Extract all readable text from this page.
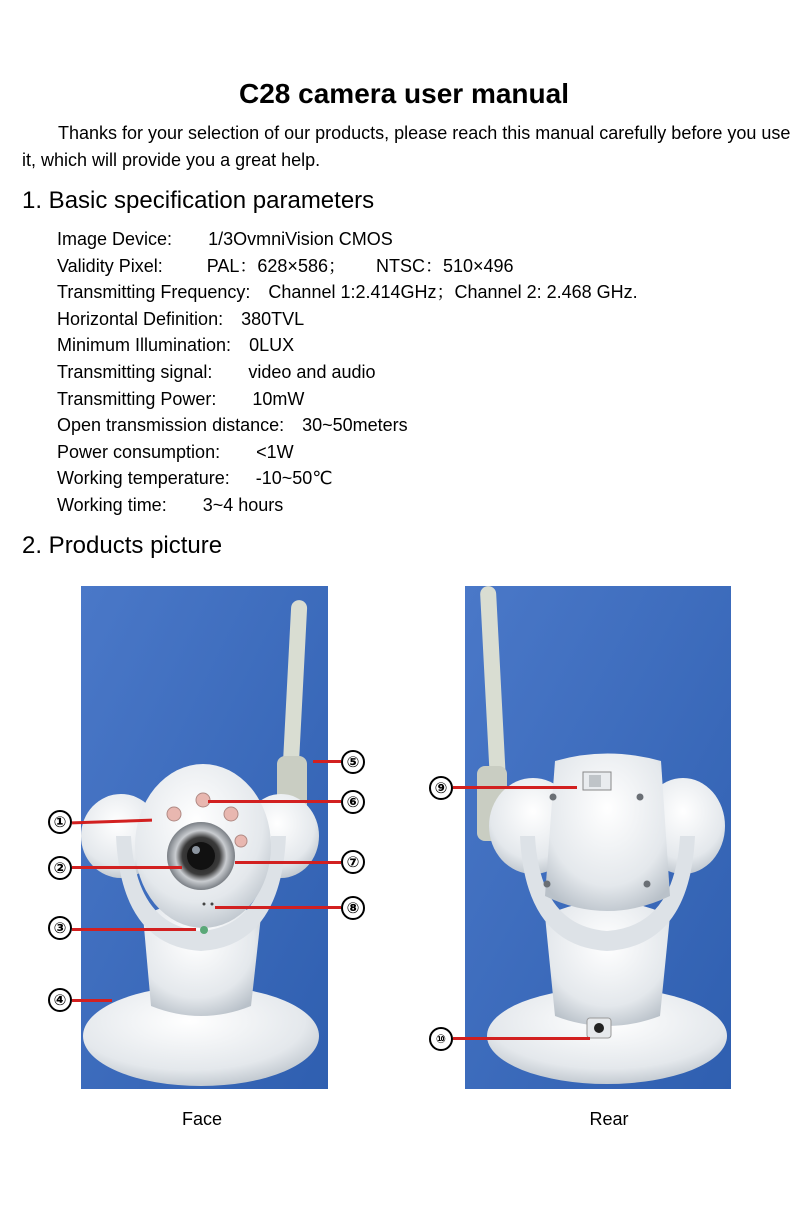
C28 camera user manual
Thanks for your selection of our products, please reach this manual carefully before you use it, which will provide you a great help.
1. Basic specification parameters
Image Device: 1/3OvmniVision CMOS
Validity Pixel: PAL：628×586；      NTSC：510×496
Transmitting Frequency: Channel 1:2.414GHz；Channel 2: 2.468 GHz.
Horizontal Definition: 380TVL
Minimum Illumination: 0LUX
Transmitting signal: video and audio
Transmitting Power: 10mW
Open transmission distance: 30~50meters
Power consumption: <1W
Working temperature: -10~50℃
Working time: 3~4 hours
2. Products picture
①
②
③
④
⑤
⑥
⑦
⑧
⑨
⑩
Face	Rear
